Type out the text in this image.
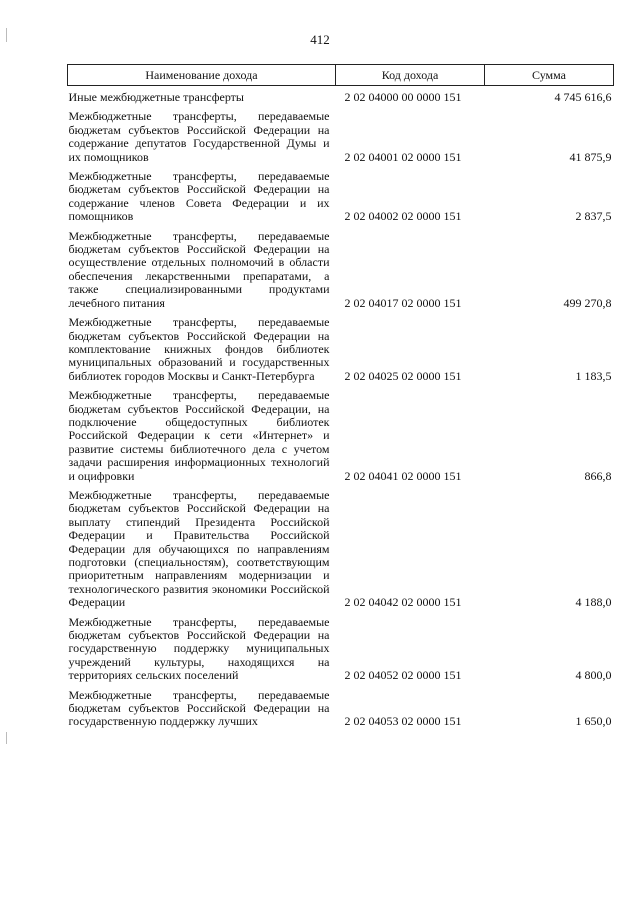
412
Наименование дохода	Код дохода	Сумма
Иные межбюджетные трансферты	2 02 04000 00 0000 151	4 745 616,6
Межбюджетные трансферты, передаваемые бюджетам субъектов Российской Федерации на содержание депутатов Государственной Думы и их помощников	2 02 04001 02 0000 151	41 875,9
Межбюджетные трансферты, передаваемые бюджетам субъектов Российской Федерации на содержание членов Совета Федерации и их помощников	2 02 04002 02 0000 151	2 837,5
Межбюджетные трансферты, передаваемые бюджетам субъектов Российской Федерации на осуществление отдельных полномочий в области обеспечения лекарственными препаратами, а также специализированными продуктами лечебного питания	2 02 04017 02 0000 151	499 270,8
Межбюджетные трансферты, передаваемые бюджетам субъектов Российской Федерации на комплектование книжных фондов библиотек муниципальных образований и государственных библиотек городов Москвы и Санкт-Петербурга	2 02 04025 02 0000 151	1 183,5
Межбюджетные трансферты, передаваемые бюджетам субъектов Российской Федерации, на подключение общедоступных библиотек Российской Федерации к сети «Интернет» и развитие системы библиотечного дела с учетом задачи расширения информационных технологий и оцифровки	2 02 04041 02 0000 151	866,8
Межбюджетные трансферты, передаваемые бюджетам субъектов Российской Федерации на выплату стипендий Президента Российской Федерации и Правительства Российской Федерации для обучающихся по направлениям подготовки (специальностям), соответствующим приоритетным направлениям модернизации и технологического развития экономики Российской Федерации	2 02 04042 02 0000 151	4 188,0
Межбюджетные трансферты, передаваемые бюджетам субъектов Российской Федерации на государственную поддержку муниципальных учреждений культуры, находящихся на территориях сельских поселений	2 02 04052 02 0000 151	4 800,0
Межбюджетные трансферты, передаваемые бюджетам субъектов Российской Федерации на государственную поддержку лучших	2 02 04053 02 0000 151	1 650,0
